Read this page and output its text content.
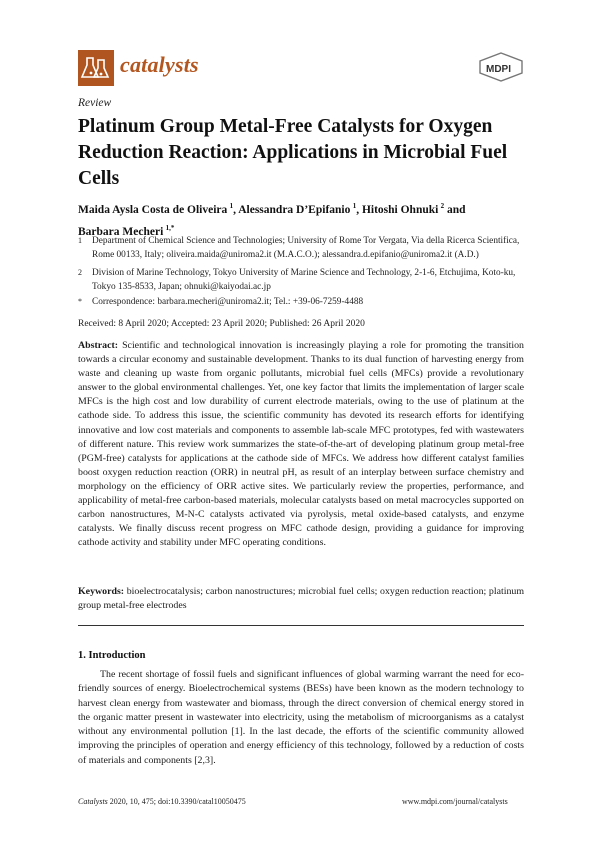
catalysts	MDPI
Review
Platinum Group Metal-Free Catalysts for Oxygen Reduction Reaction: Applications in Microbial Fuel Cells
Maida Aysla Costa de Oliveira  $^1$, Alessandra D’Epifanio  $^1$, Hitoshi Ohnuki  $^2$ and
Barbara Mecheri  $^{1,*}$
1 Department of Chemical Science and Technologies; University of Rome Tor Vergata, Via della Ricerca Scientifica, Rome 00133, Italy; oliveira.maida@uniroma2.it (M.A.C.O.); alessandra.d.epifanio@uniroma2.it (A.D.)
2 Division of Marine Technology, Tokyo University of Marine Science and Technology, 2-1-6, Etchujima, Koto-ku, Tokyo 135-8533, Japan; ohnuki@kaiyodai.ac.jp
* Correspondence: barbara.mecheri@uniroma2.it; Tel.: +39-06-7259-4488
Received: 8 April 2020; Accepted: 23 April 2020; Published: 26 April 2020
Abstract: Scientific and technological innovation is increasingly playing a role for promoting the transition towards a circular economy and sustainable development. Thanks to its dual function of harvesting energy from waste and cleaning up waste from organic pollutants, microbial fuel cells (MFCs) provide a revolutionary answer to the global environmental challenges. Yet, one key factor that limits the implementation of larger scale MFCs is the high cost and low durability of current electrode materials, owing to the use of platinum at the cathode side. To address this issue, the scientific community has devoted its research efforts for identifying innovative and low cost materials and components to assemble lab-scale MFC prototypes, fed with wastewaters of different nature. This review work summarizes the state-of-the-art of developing platinum group metal-free (PGM-free) catalysts for applications at the cathode side of MFCs. We address how different catalyst families boost oxygen reduction reaction (ORR) in neutral pH, as result of an interplay between surface chemistry and morphology on the efficiency of ORR active sites. We particularly review the properties, performance, and applicability of metal-free carbon-based materials, molecular catalysts based on metal macrocycles supported on carbon nanostructures, M-N-C catalysts activated via pyrolysis, metal oxide-based catalysts, and enzyme catalysts. We finally discuss recent progress on MFC cathode design, providing a guidance for improving cathode activity and stability under MFC operating conditions.
Keywords: bioelectrocatalysis; carbon nanostructures; microbial fuel cells; oxygen reduction reaction; platinum group metal-free electrodes
1. Introduction
The recent shortage of fossil fuels and significant influences of global warming warrant the need for eco-friendly sources of energy. Bioelectrochemical systems (BESs) have been known as the modern technology to harvest clean energy from wastewater and biomass, through the direct conversion of chemical energy stored in the organic matter present in wastewater into electricity, using the metabolism of microorganisms as a catalyst without any environmental pollution [1]. In the last decade, the efforts of the scientific community allowed improving the principles of operation and energy efficiency of this technology, followed by a reduction of costs of materials and components [2,3].
Catalysts 2020, 10, 475; doi:10.3390/catal10050475	www.mdpi.com/journal/catalysts
